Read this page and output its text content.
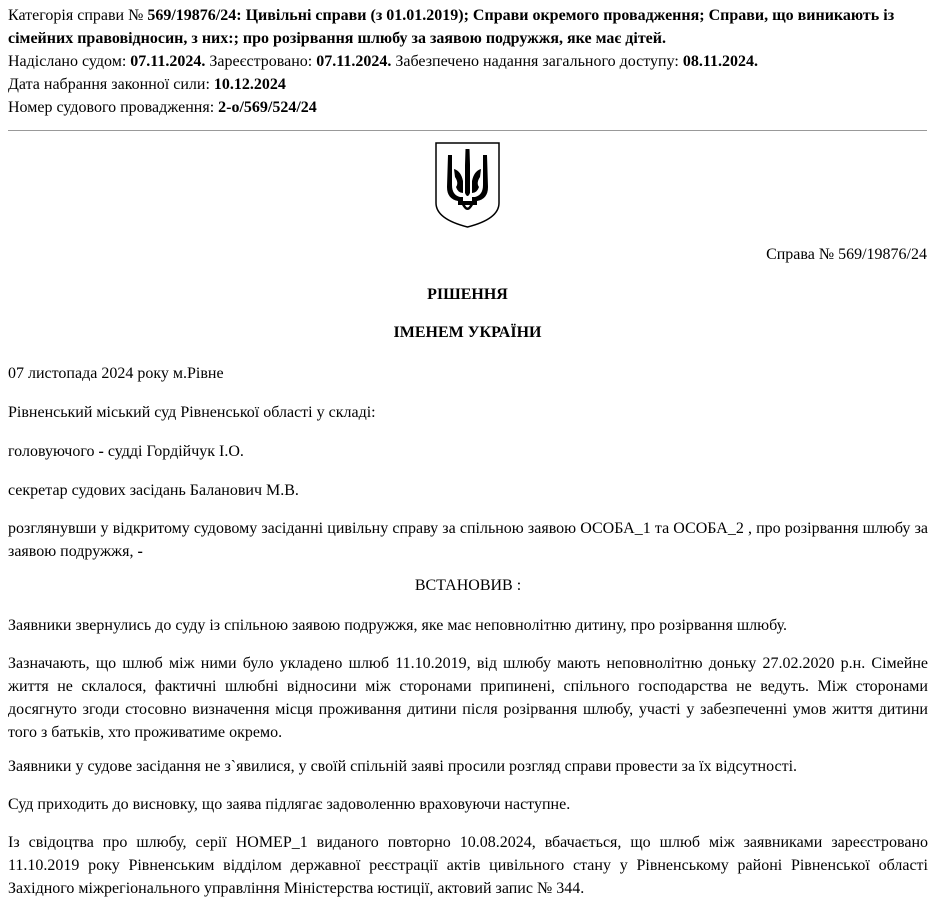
Категорія справи № 569/19876/24: Цивільні справи (з 01.01.2019); Справи окремого провадження; Справи, що виникають із сімейних правовідносин, з них:; про розірвання шлюбу за заявою подружжя, яке має дітей.

Надіслано судом: 07.11.2024. Зареєстровано: 07.11.2024. Забезпечено надання загального доступу: 08.11.2024.

Дата набрання законної сили: 10.12.2024

Номер судового провадження: 2-о/569/524/24

Справа № 569/19876/24
РІШЕННЯ
ІМЕНЕМ УКРАЇНИ

07 листопада 2024 року м.Рівне

Рівненський міський суд Рівненської області у складі:

головуючого - судді Гордійчук І.О.

секретар судових засідань Баланович М.В.

розглянувши у відкритому судовому засіданні цивільну справу за спільною заявою ОСОБА_1 та ОСОБА_2 , про розірвання шлюбу за заявою подружжя, -

ВСТАНОВИВ :

Заявники звернулись до суду із спільною заявою подружжя, яке має неповнолітню дитину, про розірвання шлюбу.

Зазначають, що шлюб між ними було укладено шлюб 11.10.2019, від шлюбу мають неповнолітню доньку 27.02.2020 р.н. Сімейне життя не склалося, фактичні шлюбні відносини між сторонами припинені, спільного господарства не ведуть. Між сторонами досягнуто згоди стосовно визначення місця проживання дитини після розірвання шлюбу, участі у забезпеченні умов життя дитини того з батьків, хто проживатиме окремо.

Заявники у судове засідання не з`явилися, у своїй спільній заяві просили розгляд справи провести за їх відсутності.

Суд приходить до висновку, що заява підлягає задоволенню враховуючи наступне.

Із свідоцтва про шлюбу, серії НОМЕР_1 виданого повторно 10.08.2024, вбачається, що шлюб між заявниками зареєстровано 11.10.2019 року Рівненським відділом державної реєстрації актів цивільного стану у Рівненському районі Рівненської області Західного міжрегіонального управління Міністерства юстиції, актовий запис № 344.
